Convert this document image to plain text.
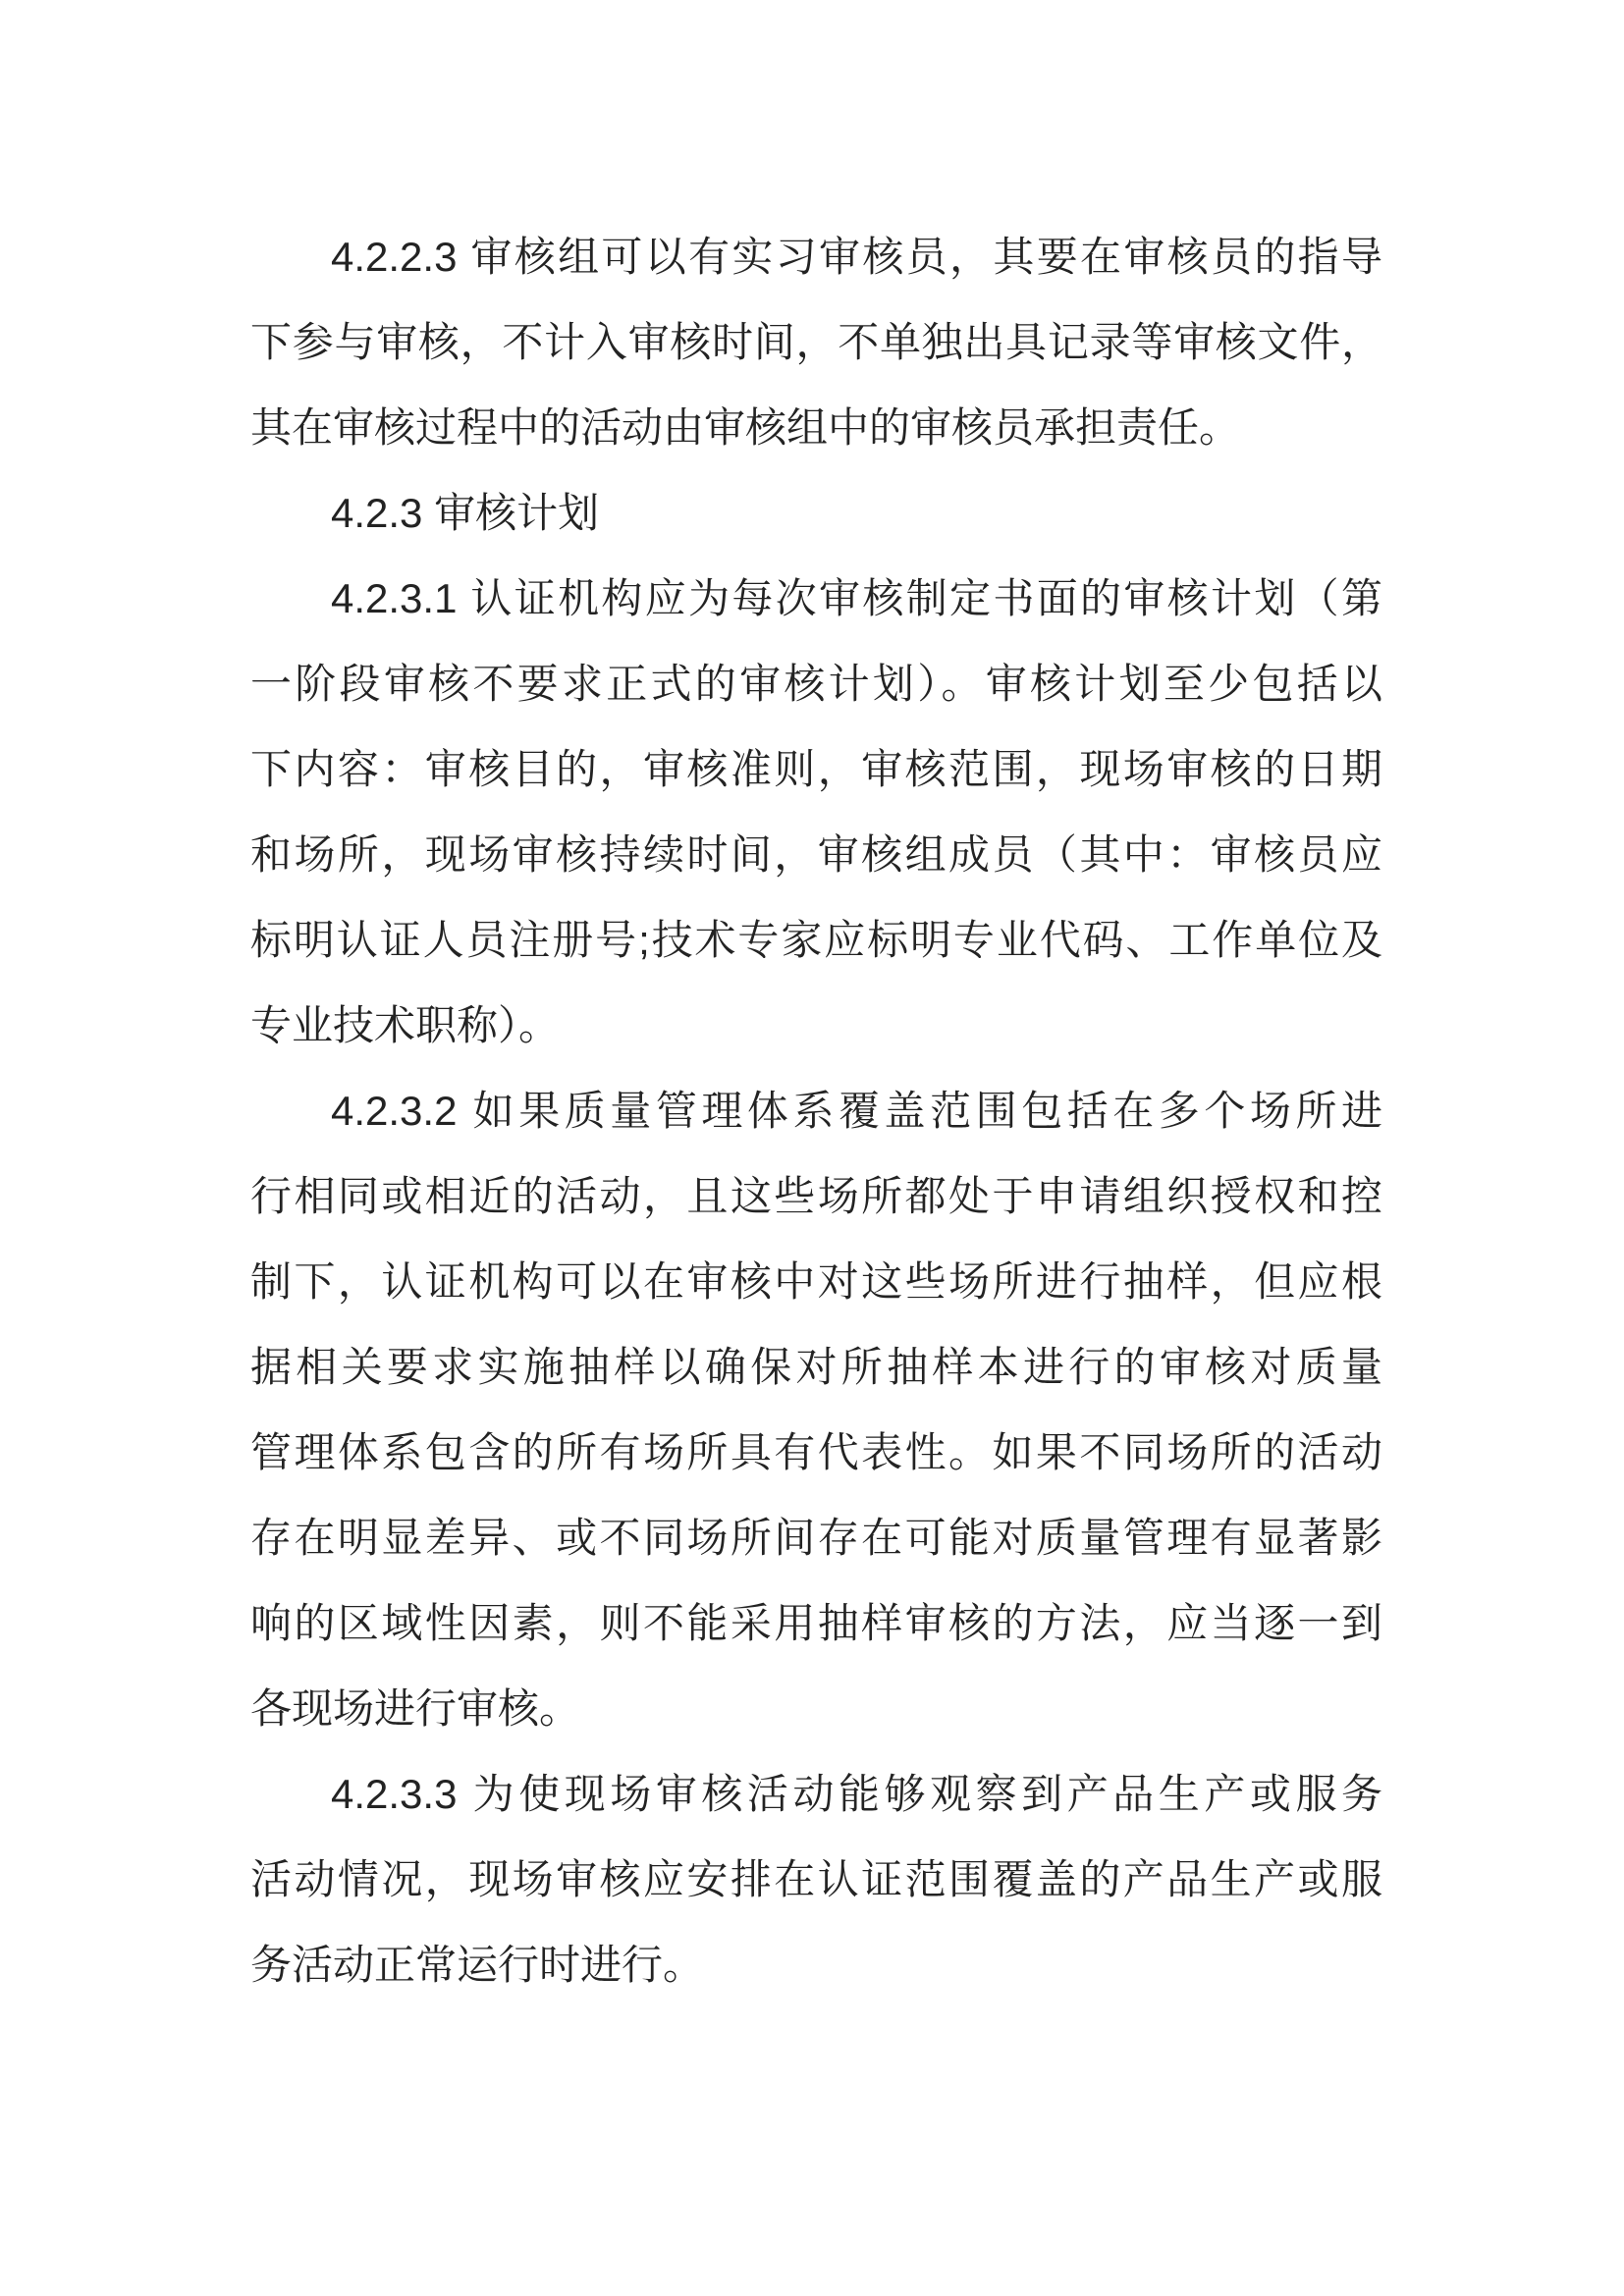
4.2.2.3 审核组可以有实习审核员，其要在审核员的指导
下参与审核，不计入审核时间，不单独出具记录等审核文件，
其在审核过程中的活动由审核组中的审核员承担责任。
4.2.3 审核计划
4.2.3.1 认证机构应为每次审核制定书面的审核计划（第
一阶段审核不要求正式的审核计划）。审核计划至少包括以
下内容：审核目的，审核准则，审核范围，现场审核的日期
和场所，现场审核持续时间，审核组成员（其中：审核员应
标明认证人员注册号;技术专家应标明专业代码、工作单位及
专业技术职称）。
4.2.3.2 如果质量管理体系覆盖范围包括在多个场所进
行相同或相近的活动，且这些场所都处于申请组织授权和控
制下，认证机构可以在审核中对这些场所进行抽样，但应根
据相关要求实施抽样以确保对所抽样本进行的审核对质量
管理体系包含的所有场所具有代表性。如果不同场所的活动
存在明显差异、或不同场所间存在可能对质量管理有显著影
响的区域性因素，则不能采用抽样审核的方法，应当逐一到
各现场进行审核。
4.2.3.3 为使现场审核活动能够观察到产品生产或服务
活动情况，现场审核应安排在认证范围覆盖的产品生产或服
务活动正常运行时进行。
